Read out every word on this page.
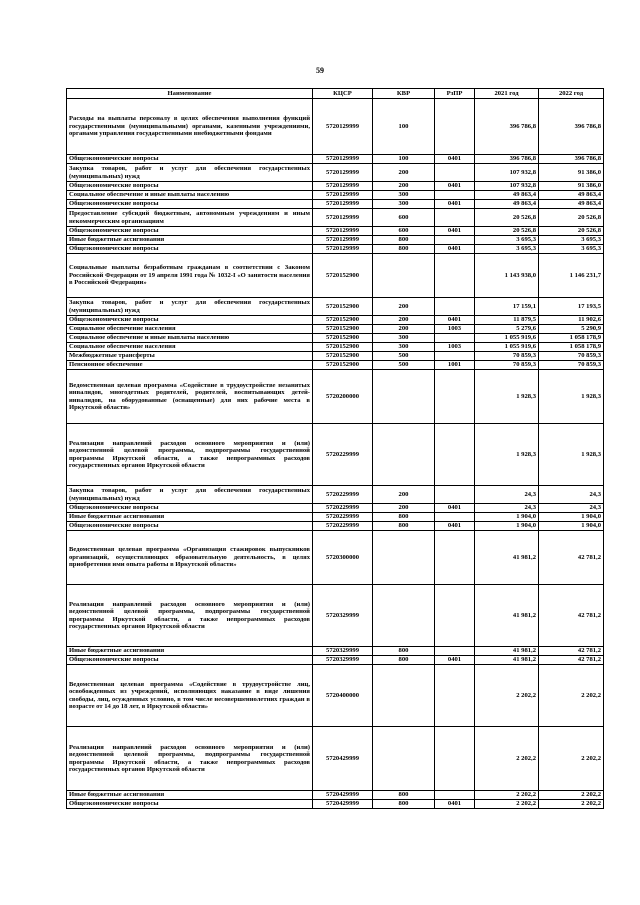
59
Наименование	КЦСР	КВР	РзПР	2021 год	2022 год
Расходы на выплаты персоналу в целях обеспечения выполнения функций государственными (муниципальными) органами, казенными учреждениями, органами управления государственными внебюджетными фондами	5720129999	100		396 786,8	396 786,8
Общеэкономические вопросы	5720129999	100	0401	396 786,8	396 786,8
Закупка товаров, работ и услуг для обеспечения государственных (муниципальных) нужд	5720129999	200		107 932,8	91 386,0
Общеэкономические вопросы	5720129999	200	0401	107 932,8	91 386,0
Социальное обеспечение и иные выплаты населению	5720129999	300		49 863,4	49 863,4
Общеэкономические вопросы	5720129999	300	0401	49 863,4	49 863,4
Предоставление субсидий бюджетным, автономным учреждениям и иным некоммерческим организациям	5720129999	600		20 526,8	20 526,8
Общеэкономические вопросы	5720129999	600	0401	20 526,8	20 526,8
Иные бюджетные ассигнования	5720129999	800		3 695,3	3 695,3
Общеэкономические вопросы	5720129999	800	0401	3 695,3	3 695,3
Социальные выплаты безработным гражданам в соответствии с Законом Российской Федерации от 19 апреля 1991 года № 1032-I «О занятости населения в Российской Федерации»	5720152900			1 143 938,0	1 146 231,7
Закупка товаров, работ и услуг для обеспечения государственных (муниципальных) нужд	5720152900	200		17 159,1	17 193,5
Общеэкономические вопросы	5720152900	200	0401	11 879,5	11 902,6
Социальное обеспечение населения	5720152900	200	1003	5 279,6	5 290,9
Социальное обеспечение и иные выплаты населению	5720152900	300		1 055 919,6	1 058 178,9
Социальное обеспечение населения	5720152900	300	1003	1 055 919,6	1 058 178,9
Межбюджетные трансферты	5720152900	500		70 859,3	70 859,3
Пенсионное обеспечение	5720152900	500	1001	70 859,3	70 859,3
Ведомственная целевая программа «Содействие в трудоустройстве незанятых инвалидов, многодетных родителей, родителей, воспитывающих детей-инвалидов, на оборудованные (оснащенные) для них рабочие места в Иркутской области»	5720200000			1 928,3	1 928,3
Реализация направлений расходов основного мероприятия и (или) ведомственной целевой программы, подпрограммы государственной программы Иркутской области, а также непрограммных расходов государственных органов Иркутской области	5720229999			1 928,3	1 928,3
Закупка товаров, работ и услуг для обеспечения государственных (муниципальных) нужд	5720229999	200		24,3	24,3
Общеэкономические вопросы	5720229999	200	0401	24,3	24,3
Иные бюджетные ассигнования	5720229999	800		1 904,0	1 904,0
Общеэкономические вопросы	5720229999	800	0401	1 904,0	1 904,0
Ведомственная целевая программа «Организация стажировок выпускников организаций, осуществляющих образовательную деятельность, в целях приобретения ими опыта работы в Иркутской области»	5720300000			41 981,2	42 781,2
Реализация направлений расходов основного мероприятия и (или) ведомственной целевой программы, подпрограммы государственной программы Иркутской области, а также непрограммных расходов государственных органов Иркутской области	5720329999			41 981,2	42 781,2
Иные бюджетные ассигнования	5720329999	800		41 981,2	42 781,2
Общеэкономические вопросы	5720329999	800	0401	41 981,2	42 781,2
Ведомственная целевая программа «Содействие в трудоустройстве лиц, освобожденных из учреждений, исполняющих наказание в виде лишения свободы, лиц, осужденных условно, в том числе несовершеннолетних граждан в возрасте от 14 до 18 лет, в Иркутской области»	5720400000			2 202,2	2 202,2
Реализация направлений расходов основного мероприятия и (или) ведомственной целевой программы, подпрограммы государственной программы Иркутской области, а также непрограммных расходов государственных органов Иркутской области	5720429999			2 202,2	2 202,2
Иные бюджетные ассигнования	5720429999	800		2 202,2	2 202,2
Общеэкономические вопросы	5720429999	800	0401	2 202,2	2 202,2
